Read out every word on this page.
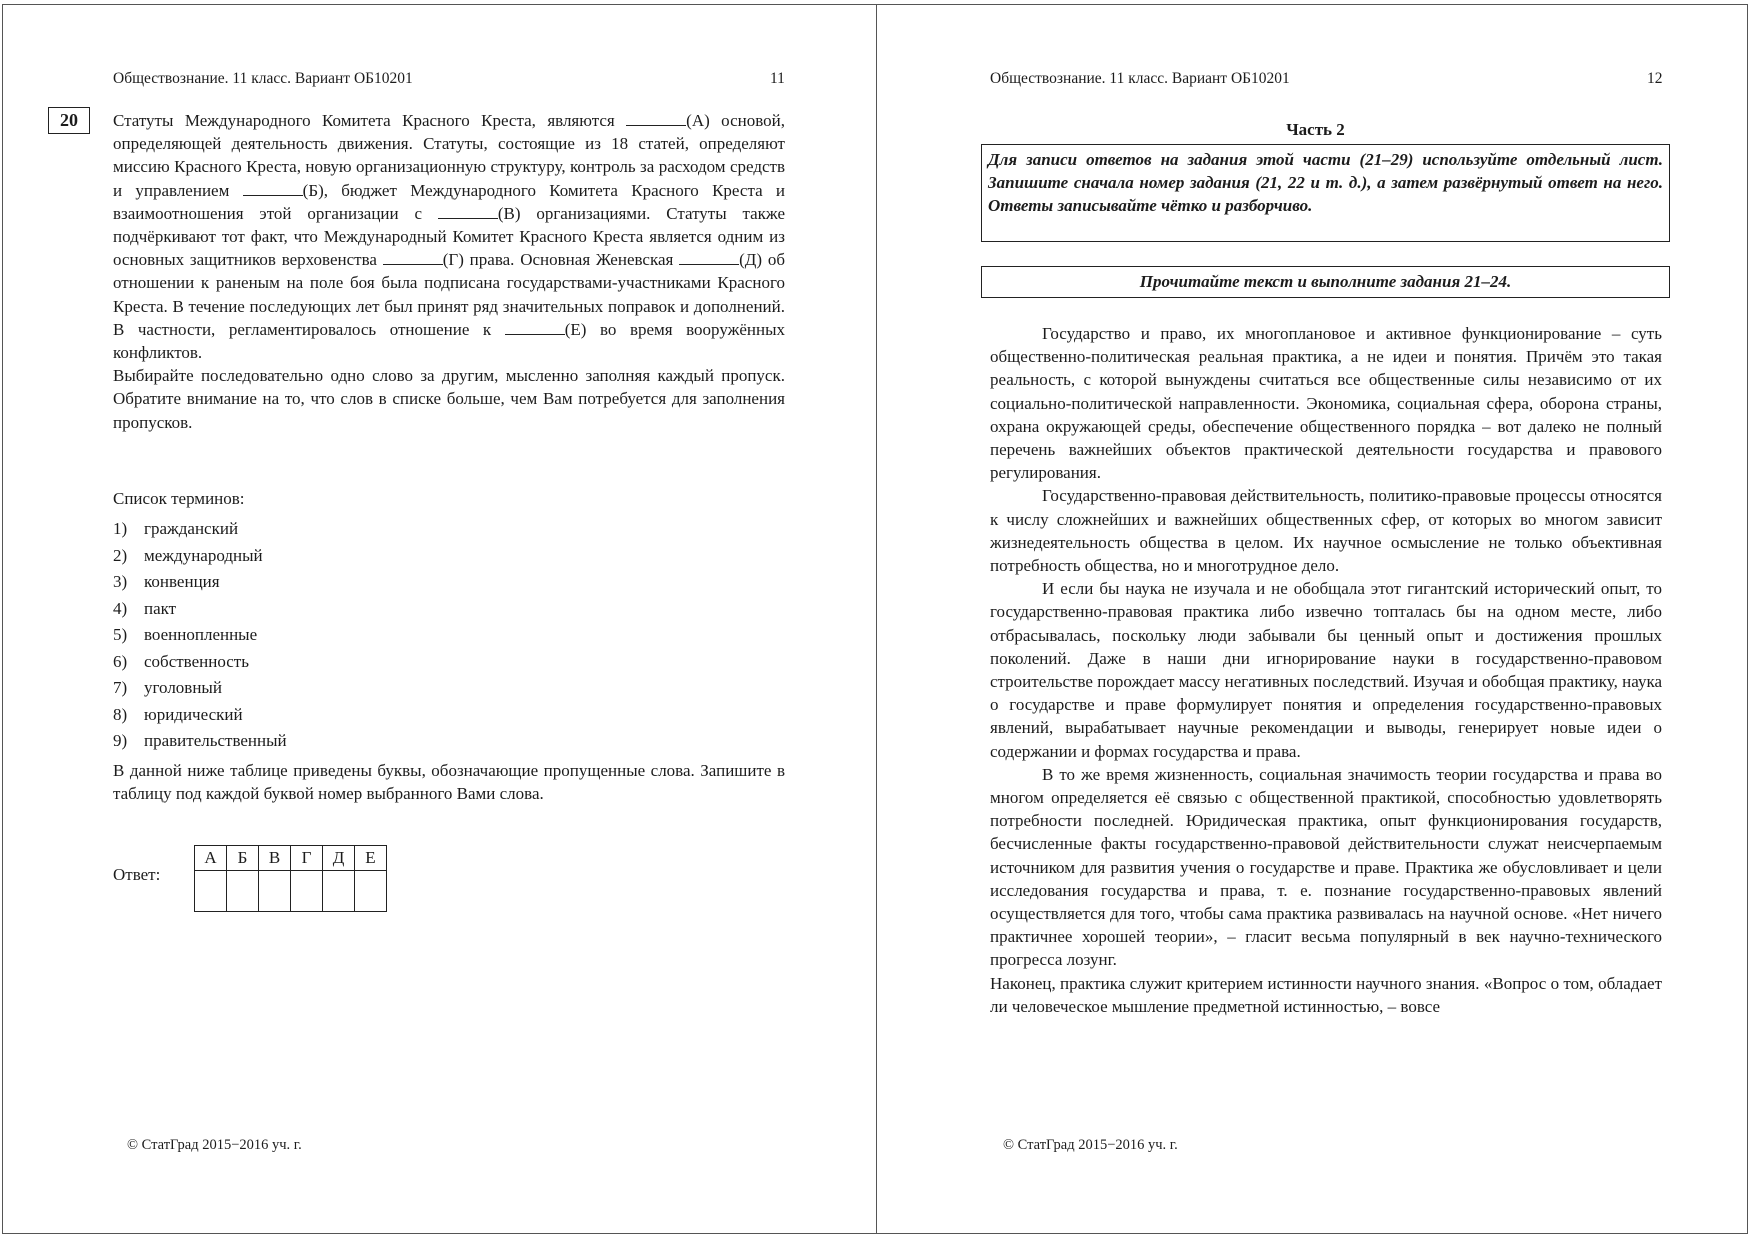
Обществознание. 11 класс. Вариант ОБ10201	11
20	Статуты Международного Комитета Красного Креста, являются	(А) основой, определяющей деятельность движения. Статуты, состоящие из 18 статей, определяют миссию Красного Креста, новую организационную структуру, контроль за расходом средств и управлением	(Б), бюджет Международного Комитета Красного Креста и взаимоотношения этой организации с	(В) организациями. Статуты также подчёркивают тот факт, что Международный Комитет Красного Креста является одним из основных защитников верховенства	(Г) права. Основная Женевская	(Д) об отношении к раненым на поле боя была подписана государствами-участниками Красного Креста. В течение последующих лет был принят ряд значительных поправок и дополнений. В частности, регламентировалось отношение к	(Е) во время вооружённых конфликтов.

Выбирайте последовательно одно слово за другим, мысленно заполняя каждый пропуск. Обратите внимание на то, что слов в списке больше, чем Вам потребуется для заполнения пропусков.

Список терминов:
1) гражданский
2) международный
3) конвенция
4) пакт
5) военнопленные
6) собственность
7) уголовный
8) юридический
9) правительственный

В данной ниже таблице приведены буквы, обозначающие пропущенные слова. Запишите в таблицу под каждой буквой номер выбранного Вами слова.

Ответ:
А	Б	В	Г	Д	Е

© СтатГрад 2015−2016 уч. г.
Обществознание. 11 класс. Вариант ОБ10201	12
Часть 2

Для записи ответов на задания этой части (21–29) используйте отдельный лист. Запишите сначала номер задания (21, 22 и т. д.), а затем развёрнутый ответ на него. Ответы записывайте чётко и разборчиво.

Прочитайте текст и выполните задания 21–24.

Государство и право, их многоплановое и активное функционирование – суть общественно-политическая реальная практика, а не идеи и понятия. Причём это такая реальность, с которой вынуждены считаться все общественные силы независимо от их социально-политической направленности. Экономика, социальная сфера, оборона страны, охрана окружающей среды, обеспечение общественного порядка – вот далеко не полный перечень важнейших объектов практической деятельности государства и правового регулирования.

Государственно-правовая действительность, политико-правовые процессы относятся к числу сложнейших и важнейших общественных сфер, от которых во многом зависит жизнедеятельность общества в целом. Их научное осмысление не только объективная потребность общества, но и многотрудное дело.

И если бы наука не изучала и не обобщала этот гигантский исторический опыт, то государственно-правовая практика либо извечно топталась бы на одном месте, либо отбрасывалась, поскольку люди забывали бы ценный опыт и достижения прошлых поколений. Даже в наши дни игнорирование науки в государственно-правовом строительстве порождает массу негативных последствий. Изучая и обобщая практику, наука о государстве и праве формулирует понятия и определения государственно-правовых явлений, вырабатывает научные рекомендации и выводы, генерирует новые идеи о содержании и формах государства и права.

В то же время жизненность, социальная значимость теории государства и права во многом определяется её связью с общественной практикой, способностью удовлетворять потребности последней. Юридическая практика, опыт функционирования государств, бесчисленные факты государственно-правовой действительности служат неисчерпаемым источником для развития учения о государстве и праве. Практика же обусловливает и цели исследования государства и права, т. е. познание государственно-правовых явлений осуществляется для того, чтобы сама практика развивалась на научной основе. «Нет ничего практичнее хорошей теории», – гласит весьма популярный в век научно-технического прогресса лозунг.

Наконец, практика служит критерием истинности научного знания. «Вопрос о том, обладает ли человеческое мышление предметной истинностью, – вовсе

© СтатГрад 2015−2016 уч. г.
